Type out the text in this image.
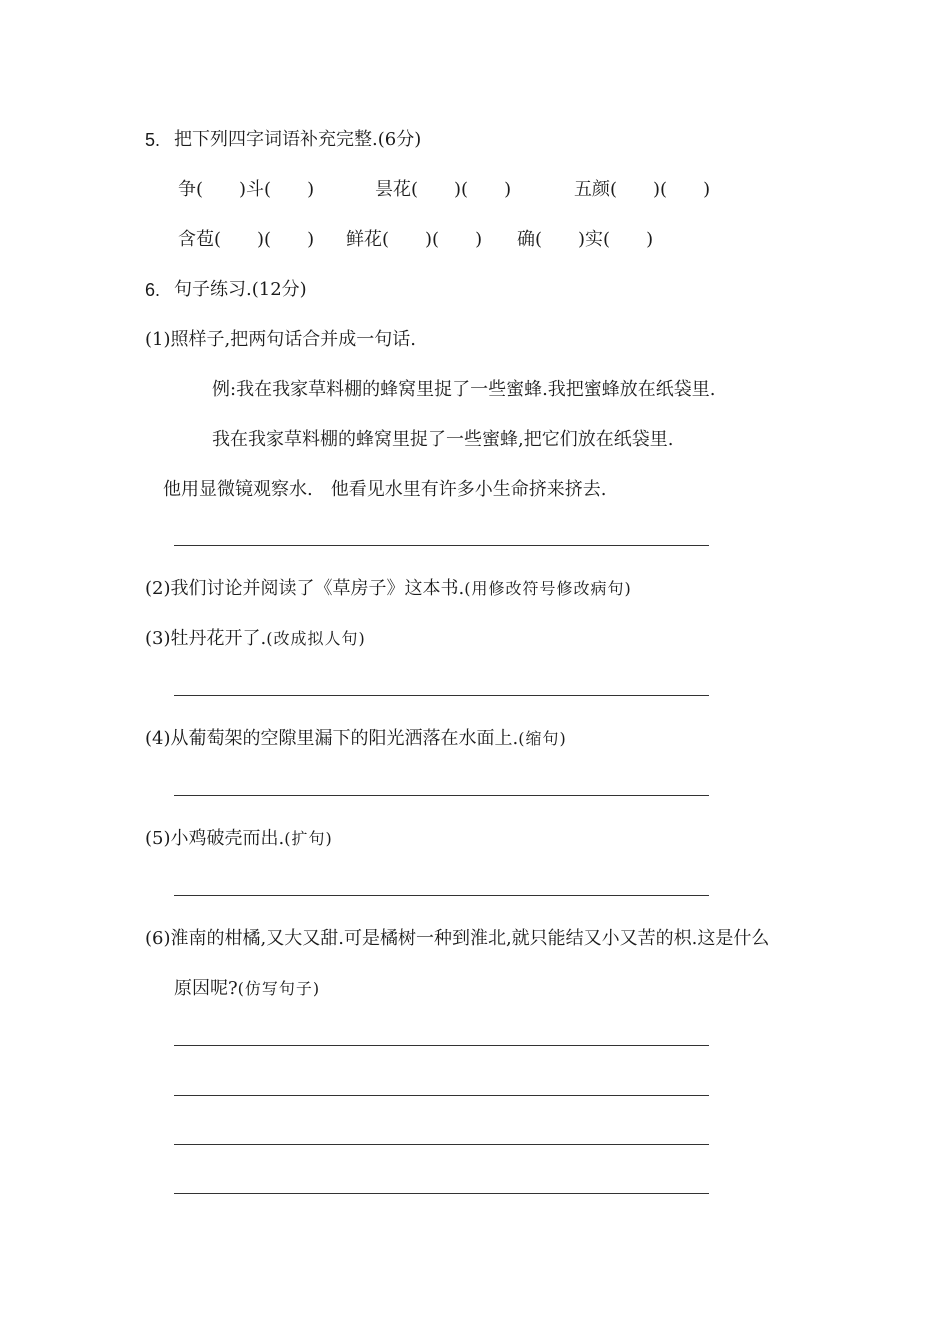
5. 把下列四字词语补充完整.(6分)
争(　　)斗(　　)	昙花(　　)(　　)	五颜(　　)(　　)
含苞(　　)(　　) 鲜花(　　)(　　) 确(　　)实(　　)
6. 句子练习.(12分)
(1)照样子,把两句话合并成一句话.
例:我在我家草料棚的蜂窝里捉了一些蜜蜂.我把蜜蜂放在纸袋里.
我在我家草料棚的蜂窝里捉了一些蜜蜂,把它们放在纸袋里.
他用显微镜观察水.　他看见水里有许多小生命挤来挤去.
(2)我们讨论并阅读了《草房子》这本书.(用修改符号修改病句)
(3)牡丹花开了.(改成拟人句)
(4)从葡萄架的空隙里漏下的阳光洒落在水面上.(缩句)
(5)小鸡破壳而出.(扩句)
(6)淮南的柑橘,又大又甜.可是橘树一种到淮北,就只能结又小又苦的枳.这是什么
原因呢?(仿写句子)
